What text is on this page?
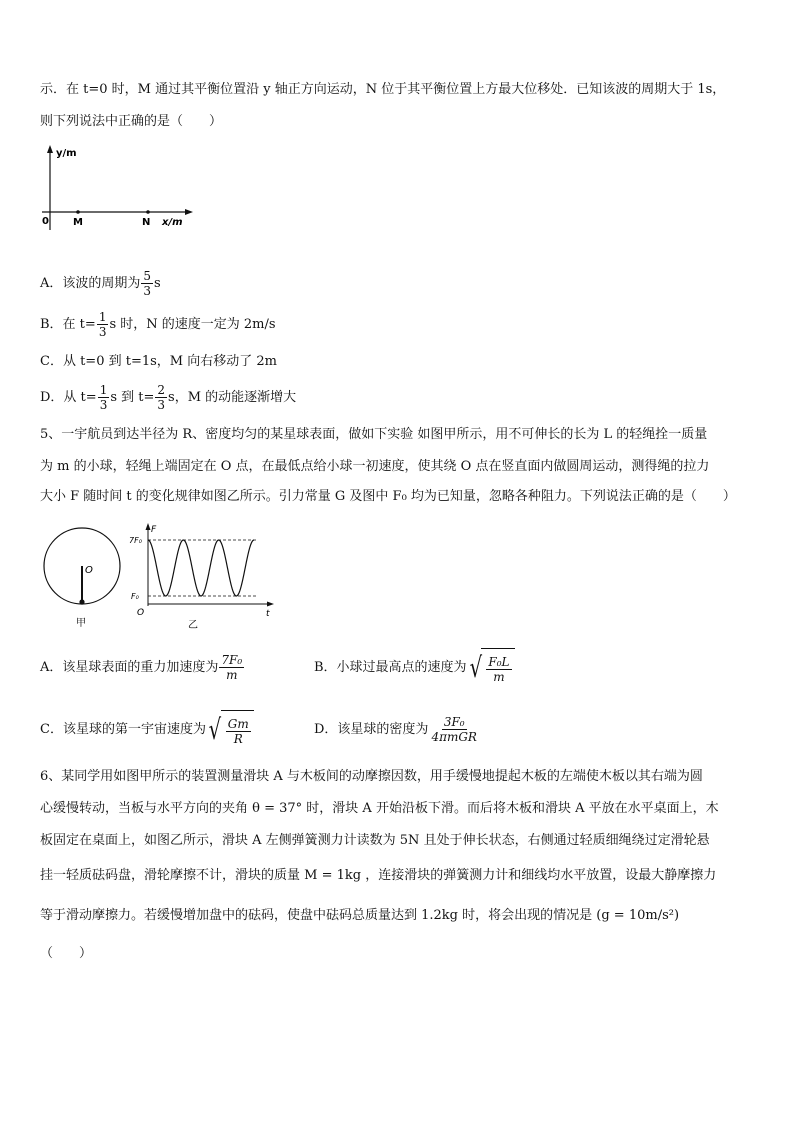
示．在 t=0 时，M 通过其平衡位置沿 y 轴正方向运动，N 位于其平衡位置上方最大位移处．已知该波的周期大于 1s，
则下列说法中正确的是（　　）
y/m
0 M	N x/m
A．该波的周期为 $\frac{5}{3}$ s
B．在 $t= \frac{1}{3}$ s 时，N 的速度一定为 2m/s
C．从 t=0 到 t=1s，M 向右移动了 2m
D．从 $t= \frac{1}{3}$ s 到 $t= \frac{2}{3}$ s，M 的动能逐渐增大
5、一宇航员到达半径为 R、密度均匀的某星球表面，做如下实验 如图甲所示，用不可伸长的长为 L 的轻绳拴一质量
为 m 的小球，轻绳上端固定在 O 点，在最低点给小球一初速度，使其绕 O 点在竖直面内做圆周运动，测得绳的拉力
大小 F 随时间 t 的变化规律如图乙所示。引力常量 G 及图中 F₀ 均为已知量，忽略各种阻力。下列说法正确的是（　　）
O
甲
F
7F₀
F₀
O	t
乙
A．该星球表面的重力加速度为 $\frac{\text{7F₀}}{m}$	B．小球过最高点的速度为 √ $\frac{\text{F₀L}}{m}$
C．该星球的第一宇宙速度为 √ $\frac{Gm}{R}$	D．该星球的密度为 $\frac{\text{3F₀}}{\text{4πmGR}}$
6、某同学用如图甲所示的装置测量滑块 A 与木板间的动摩擦因数，用手缓慢地提起木板的左端使木板以其右端为圆
心缓慢转动，当板与水平方向的夹角 θ = 37° 时，滑块 A 开始沿板下滑。而后将木板和滑块 A 平放在水平桌面上，木
板固定在桌面上，如图乙所示，滑块 A 左侧弹簧测力计读数为 5N 且处于伸长状态，右侧通过轻质细绳绕过定滑轮悬
挂一轻质砝码盘，滑轮摩擦不计，滑块的质量 M = 1kg ，连接滑块的弹簧测力计和细线均水平放置，设最大静摩擦力
等于滑动摩擦力。若缓慢增加盘中的砝码，使盘中砝码总质量达到 1.2kg 时，将会出现的情况是 (g = 10m/s²)
（　　）
